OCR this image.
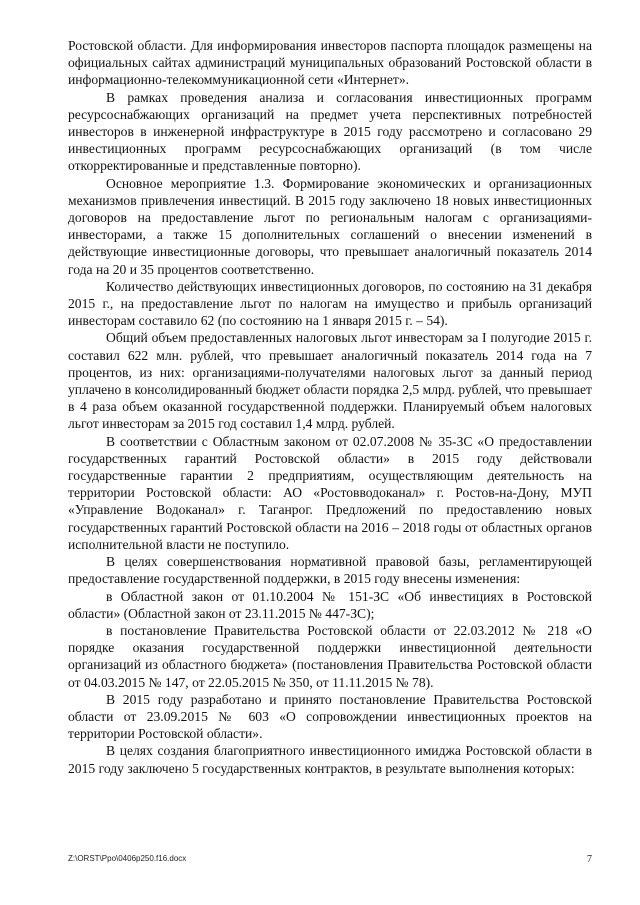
Ростовской области. Для информирования инвесторов паспорта площадок размещены на официальных сайтах администраций муниципальных образований Ростовской области в информационно-телекоммуникационной сети «Интернет».

В рамках проведения анализа и согласования инвестиционных программ ресурсоснабжающих организаций на предмет учета перспективных потребностей инвесторов в инженерной инфраструктуре в 2015 году рассмотрено и согласовано 29 инвестиционных программ ресурсоснабжающих организаций (в том числе откорректированные и представленные повторно).

Основное мероприятие 1.3. Формирование экономических и организационных механизмов привлечения инвестиций. В 2015 году заключено 18 новых инвестиционных договоров на предоставление льгот по региональным налогам с организациями-инвесторами, а также 15 дополнительных соглашений о внесении изменений в действующие инвестиционные договоры, что превышает аналогичный показатель 2014 года на 20 и 35 процентов соответственно.

Количество действующих инвестиционных договоров, по состоянию на 31 декабря 2015 г., на предоставление льгот по налогам на имущество и прибыль организаций инвесторам составило 62 (по состоянию на 1 января 2015 г. – 54).

Общий объем предоставленных налоговых льгот инвесторам за I полугодие 2015 г. составил 622 млн. рублей, что превышает аналогичный показатель 2014 года на 7 процентов, из них: организациями-получателями налоговых льгот за данный период уплачено в консолидированный бюджет области порядка 2,5 млрд. рублей, что превышает в 4 раза объем оказанной государственной поддержки. Планируемый объем налоговых льгот инвесторам за 2015 год составил 1,4 млрд. рублей.

В соответствии с Областным законом от 02.07.2008 № 35-ЗС «О предоставлении государственных гарантий Ростовской области» в 2015 году действовали государственные гарантии 2 предприятиям, осуществляющим деятельность на территории Ростовской области: АО «Ростовводоканал» г. Ростов-на-Дону, МУП «Управление Водоканал» г. Таганрог. Предложений по предоставлению новых государственных гарантий Ростовской области на 2016 – 2018 годы от областных органов исполнительной власти не поступило.

В целях совершенствования нормативной правовой базы, регламентирующей предоставление государственной поддержки, в 2015 году внесены изменения:

в Областной закон от 01.10.2004 № 151-ЗС «Об инвестициях в Ростовской области» (Областной закон от 23.11.2015 № 447-ЗС);

в постановление Правительства Ростовской области от 22.03.2012 № 218 «О порядке оказания государственной поддержки инвестиционной деятельности организаций из областного бюджета» (постановления Правительства Ростовской области от 04.03.2015 № 147, от 22.05.2015 № 350, от 11.11.2015 № 78).

В 2015 году разработано и принято постановление Правительства Ростовской области от 23.09.2015 № 603 «О сопровождении инвестиционных проектов на территории Ростовской области».

В целях создания благоприятного инвестиционного имиджа Ростовской области в 2015 году заключено 5 государственных контрактов, в результате выполнения которых:

Z:\ORST\Ppo\0406p250.f16.docx	7
